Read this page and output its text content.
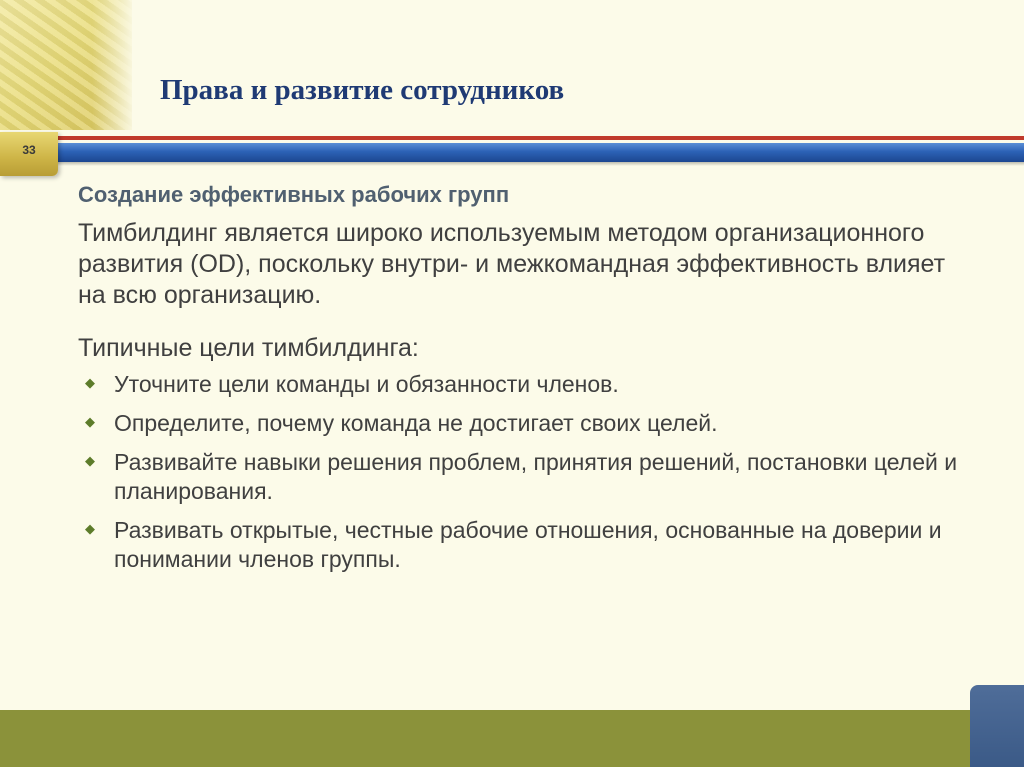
Права и развитие сотрудников
33
Создание эффективных рабочих групп
Тимбилдинг является широко используемым методом организационного развития (OD), поскольку внутри- и межкомандная эффективность влияет на всю организацию.
Типичные цели тимбилдинга:
◆ Уточните цели команды и обязанности членов.
◆ Определите, почему команда не достигает своих целей.
◆ Развивайте навыки решения проблем, принятия решений, постановки целей и планирования.
◆ Развивать открытые, честные рабочие отношения, основанные на доверии и понимании членов группы.
